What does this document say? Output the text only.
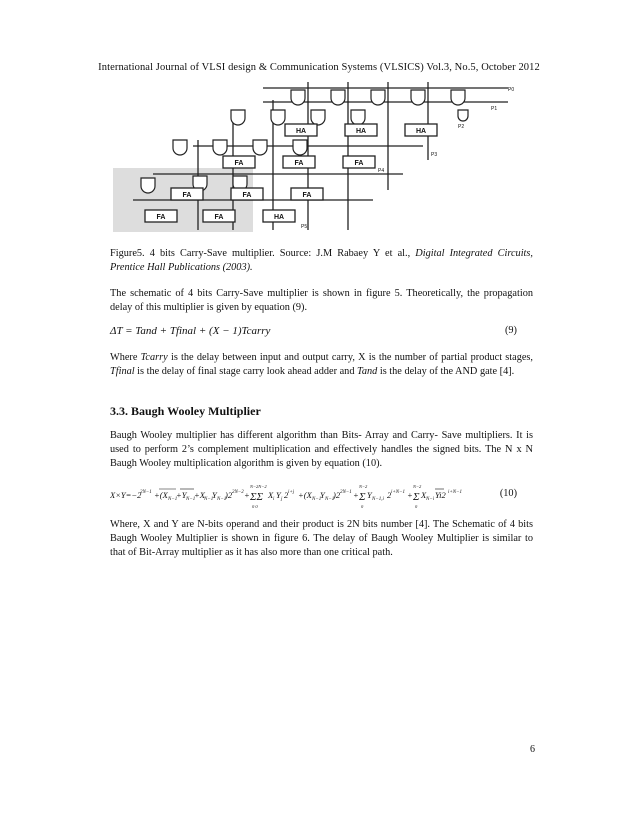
International Journal of VLSI design & Communication Systems (VLSICS) Vol.3, No.5, October 2012
HA	HA	HA
FA	FA	FA
FA	FA	FA
FA	FA	HA
P0
P1
P2
P3
P4
P5
Figure5. 4 bits Carry-Save multiplier. Source: J.M Rabaey Y et al., Digital Integrated Circuits, Prentice Hall Publications (2003).
The schematic of 4 bits Carry-Save multiplier is shown in figure 5. Theoretically, the propagation delay of this multiplier is given by equation (9).
ΔT = Tand + Tfinal + (X − 1)Tcarry	(9)
Where Tcarry is the delay between input and output carry, X is the number of partial product stages, Tfinal is the delay of final stage carry look ahead adder and Tand is the delay of the AND gate [4].
3.3. Baugh Wooley Multiplier
Baugh Wooley multiplier has different algorithm than Bits- Array and Carry- Save multipliers. It is used to perform 2’s complement multiplication and effectively handles the signed bits. The N x N Baugh Wooley multiplication algorithm is given by equation (10).
X×Y=−2
2N−1 +(X N−1
+Y N−1
+X N−1
Y N−1
)2 2N−2 + ΣΣ
N−2N−2
0 0
X i Y j 2 i+j +(X N−1
Y N−1
)2 2N−1 + Σ
N−2
0
Y N−1,i 2 i+N−1 + Σ
N−2
0
X N−i Yi2 i+N−1	(10)
Where, X and Y are N-bits operand and their product is 2N bits number [4]. The Schematic of 4 bits Baugh Wooley Multiplier is shown in figure 6. The delay of Baugh Wooley Multiplier is similar to that of Bit-Array multiplier as it has also more than one critical path.
6
